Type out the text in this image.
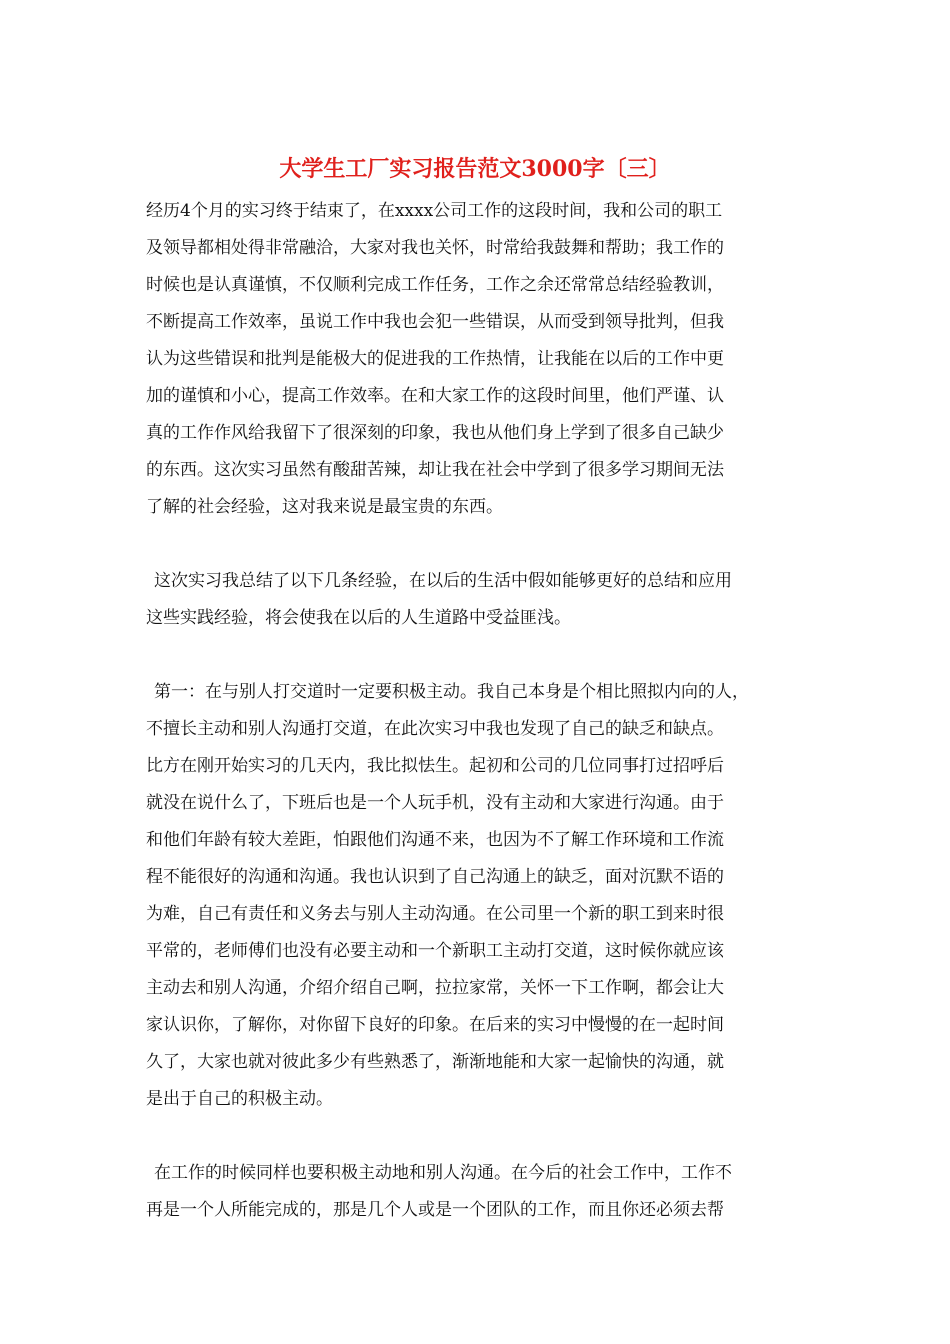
大学生工厂实习报告范文3000字〔三〕
经历4个月的实习终于结束了，在xxxx公司工作的这段时间，我和公司的职工
及领导都相处得非常融洽，大家对我也关怀，时常给我鼓舞和帮助；我工作的
时候也是认真谨慎，不仅顺利完成工作任务，工作之余还常常总结经验教训，
不断提高工作效率，虽说工作中我也会犯一些错误，从而受到领导批判，但我
认为这些错误和批判是能极大的促进我的工作热情，让我能在以后的工作中更
加的谨慎和小心，提高工作效率。在和大家工作的这段时间里，他们严谨、认
真的工作作风给我留下了很深刻的印象，我也从他们身上学到了很多自己缺少
的东西。这次实习虽然有酸甜苦辣，却让我在社会中学到了很多学习期间无法
了解的社会经验，这对我来说是最宝贵的东西。
这次实习我总结了以下几条经验，在以后的生活中假如能够更好的总结和应用
这些实践经验，将会使我在以后的人生道路中受益匪浅。
第一：在与别人打交道时一定要积极主动。我自己本身是个相比照拟内向的人，
不擅长主动和别人沟通打交道，在此次实习中我也发现了自己的缺乏和缺点。
比方在刚开始实习的几天内，我比拟怯生。起初和公司的几位同事打过招呼后
就没在说什么了，下班后也是一个人玩手机，没有主动和大家进行沟通。由于
和他们年龄有较大差距，怕跟他们沟通不来，也因为不了解工作环境和工作流
程不能很好的沟通和沟通。我也认识到了自己沟通上的缺乏，面对沉默不语的
为难，自己有责任和义务去与别人主动沟通。在公司里一个新的职工到来时很
平常的，老师傅们也没有必要主动和一个新职工主动打交道，这时候你就应该
主动去和别人沟通，介绍介绍自己啊，拉拉家常，关怀一下工作啊，都会让大
家认识你，了解你，对你留下良好的印象。在后来的实习中慢慢的在一起时间
久了，大家也就对彼此多少有些熟悉了，渐渐地能和大家一起愉快的沟通，就
是出于自己的积极主动。
在工作的时候同样也要积极主动地和别人沟通。在今后的社会工作中，工作不
再是一个人所能完成的，那是几个人或是一个团队的工作，而且你还必须去帮
